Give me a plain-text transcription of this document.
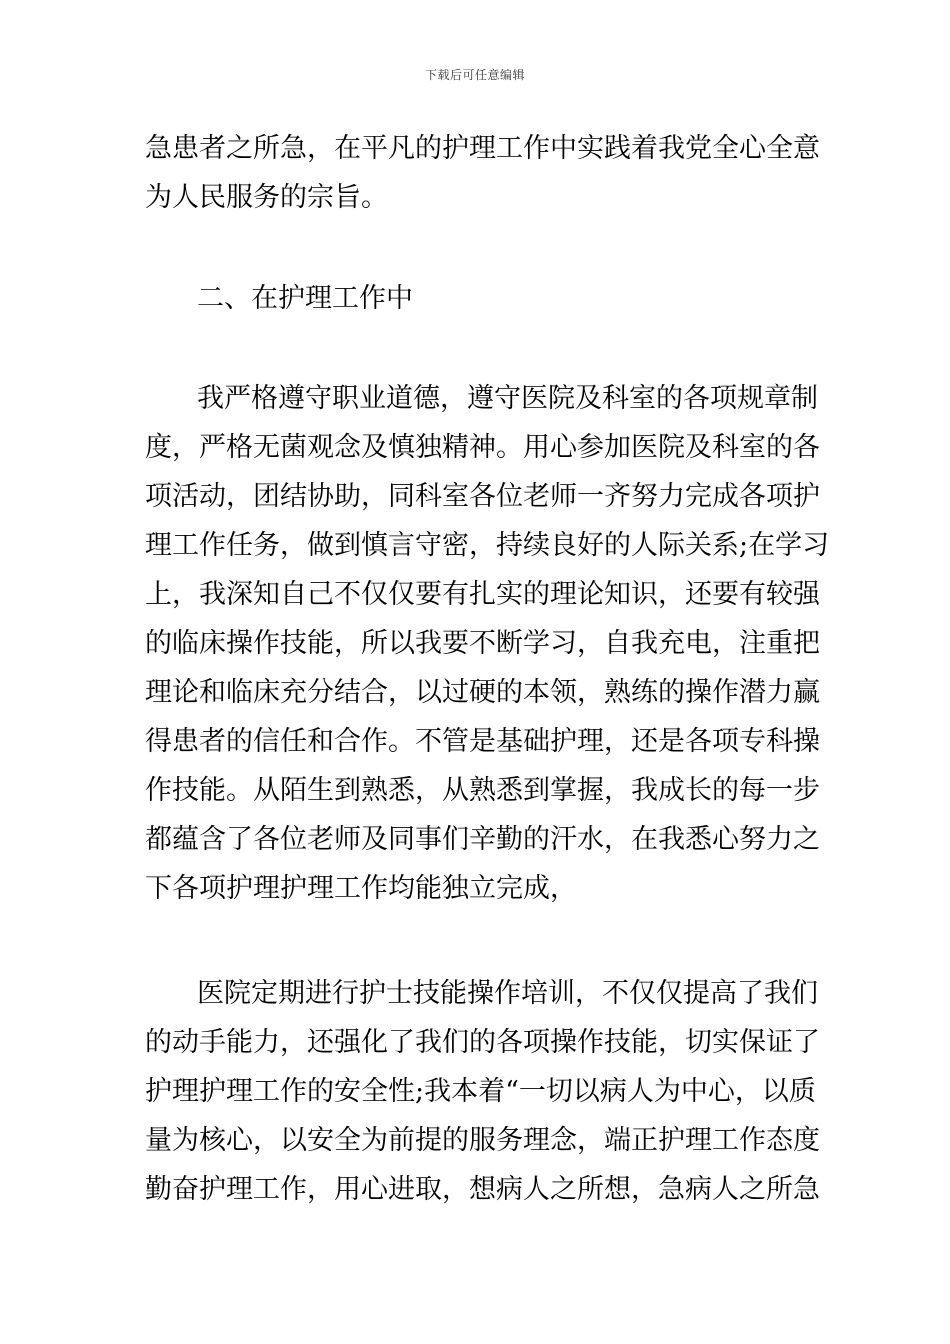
下载后可任意编辑
急患者之所急，在平凡的护理工作中实践着我党全心全意
为人民服务的宗旨。
二、在护理工作中
我严格遵守职业道德，遵守医院及科室的各项规章制
度，严格无菌观念及慎独精神。用心参加医院及科室的各
项活动，团结协助，同科室各位老师一齐努力完成各项护
理工作任务，做到慎言守密，持续良好的人际关系;在学习
上，我深知自己不仅仅要有扎实的理论知识，还要有较强
的临床操作技能，所以我要不断学习，自我充电，注重把
理论和临床充分结合，以过硬的本领，熟练的操作潜力赢
得患者的信任和合作。不管是基础护理，还是各项专科操
作技能。从陌生到熟悉，从熟悉到掌握，我成长的每一步
都蕴含了各位老师及同事们辛勤的汗水，在我悉心努力之
下各项护理护理工作均能独立完成，
医院定期进行护士技能操作培训，不仅仅提高了我们
的动手能力，还强化了我们的各项操作技能，切实保证了
护理护理工作的安全性;我本着“一切以病人为中心，以质
量为核心，以安全为前提的服务理念，端正护理工作态度
勤奋护理工作，用心进取，想病人之所想，急病人之所急
